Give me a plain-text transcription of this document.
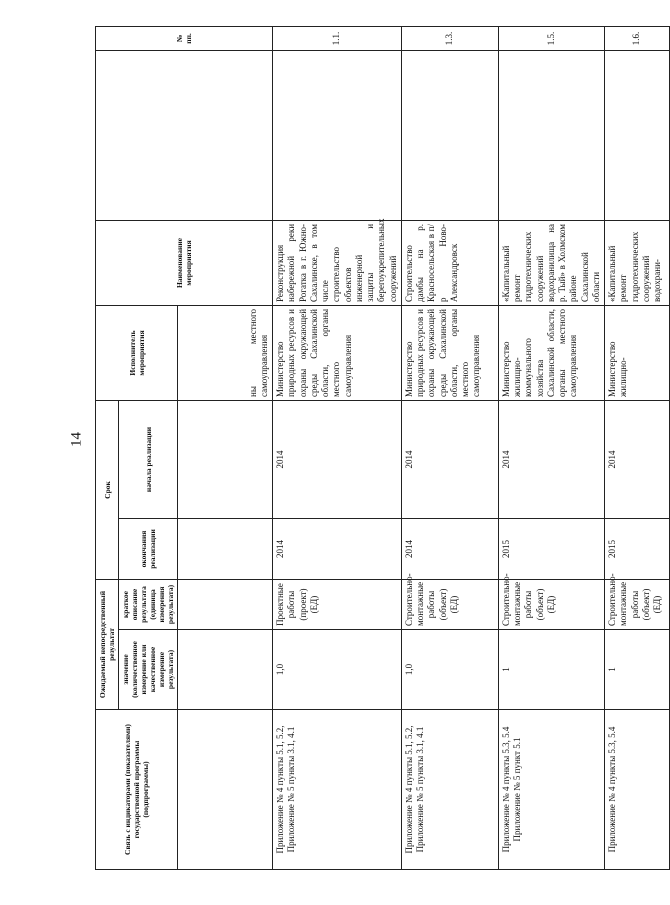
14
Связь с индикаторами (показателями) государственной программы (подпрограммы)	Ожидаемый непосредственный результат		Срок		Исполнитель мероприятия	Наименование мероприятия		№ пп.
	значение (количественное измерение или качественное измерение результата)	краткое описание результата (единица измерения результата)	окончания реализации	начала реализации				
					ны местного самоуправления			
Приложение № 4 пункты 5.1, 5.2, Приложение № 5 пункты 3.1, 4.1	1,0	Проектные работы (проект) (ЕД)	2014	2014	Министерство природных ресурсов и охраны окружающей среды Сахалинской области, органы местного самоуправления	Реконструкция набережной реки Рогатка в г. Южно-Сахалинске, в том числе строительство объектов инженерной защиты и берегоукрепительных сооружений		1.1.
Приложение № 4 пункты 5.1, 5.2, Приложение № 5 пункты 3.1, 4.1	1,0	Строительно-монтажные работы (объект) (ЕД)	2014	2014	Министерство природных ресурсов и охраны окружающей среды Сахалинской области, органы местного самоуправления	Строительство дамбы на р. Красносельская в п/р Ново-Александровск		1.3.
Приложение № 4 пункты 5.3, 5.4 Приложение № 5 пункт 5.1	1	Строительно-монтажные работы (объект) (ЕД)	2015	2014	Министерство жилищно-коммунального хозяйства Сахалинской области, органы местного самоуправления	«Капитальный ремонт гидротехнических сооружений водохранилища на р. Тый» в Холмском районе Сахалинской области		1.5.
Приложение № 4 пункты 5.3, 5.4	1	Строительно-монтажные работы (объект) (ЕД)	2015	2014	Министерство жилищно-	«Капитальный ремонт гидротехнических сооружений водохрани-		1.6.
